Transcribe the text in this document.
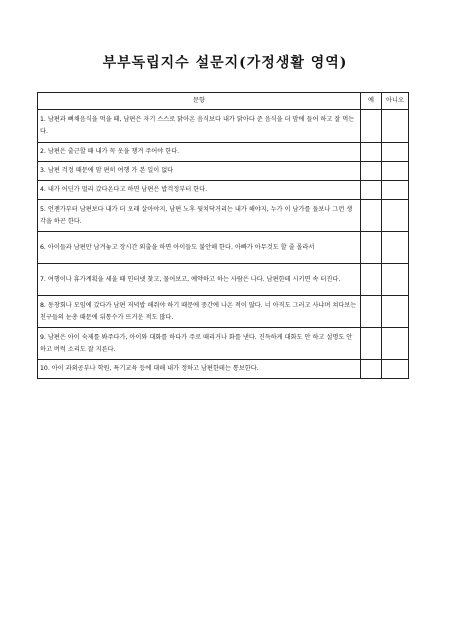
부부독립지수 설문지(가정생활 영역)
문항	예	아니오
1. 남편과 뼈채음식을 먹을 때, 남편은 자기 스스로 닭아온 음식보다 내가 닭아다 준 음식을 더 맘에 들어 하고 잘 먹는다.		
2. 남편은 출근할 때 내가 꼭 옷을 챙겨 주어야 한다.		
3. 남편 걱정 때문에 맘 편히 여행 가 본 일이 없다		
4. 내가 어딘가 멀리 갔다온다고 하면 남편은 밥걱정부터 한다.		
5. 언젠가부터 남편보다 내가 더 오래 살아야지, 남편 노후 뒷치닥거리는 내가 해야지, 누가 이 남가를 돌보나 그런 생각을 하곤 한다.		
6. 아이들과 남편만 남겨놓고 장시간 외출을 하면 아이들도 불안해 한다. 아빠가 아무것도 할 줄 몰라서		
7. 여행이나 휴가계획을 세울 때 인터넷 찾고, 물어보고, 예약하고 하는 사람은 나다. 남편한테 시키면 속 터진다.		
8. 동창회나 모임에 갔다가 남편 저녁밥 해줘야 하기 때문에 중간에 나온 적이 많다. 너 아직도 그러고 사냐며 쳐다보는 친구들의 눈총 때문에 뒤통수가 뜨거운 적도 많다.		
9. 남편은 아이 숙제를 봐주다가, 아이와 대화를 하다가 주로 때리거나 화를 낸다. 진득하게 대화도 안 하고 설명도 안 하고 버럭 소리도 잘 지른다.		
10. 아이 과외공부나 학원, 특기교육 등에 대해 내가 정하고 남편한테는 통보한다.		
